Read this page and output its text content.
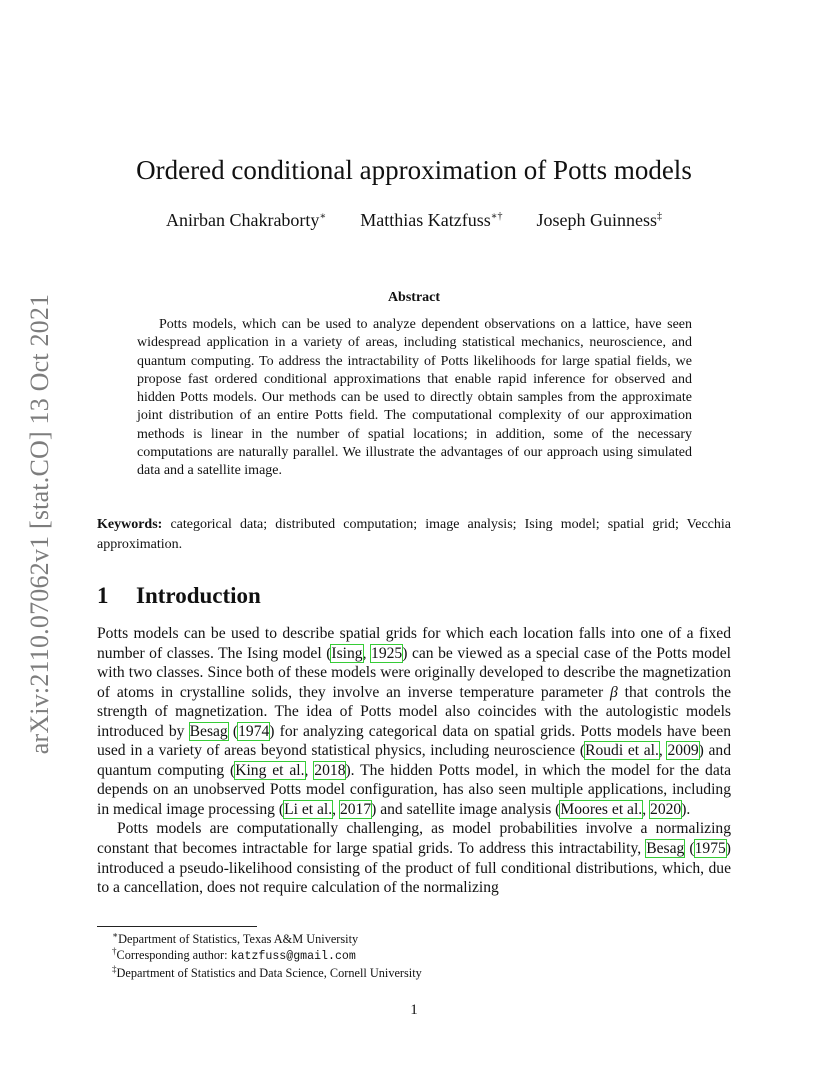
arXiv:2110.07062v1 [stat.CO] 13 Oct 2021
Ordered conditional approximation of Potts models
Anirban Chakraborty∗ Matthias Katzfuss∗† Joseph Guinness‡
Abstract

Potts models, which can be used to analyze dependent observations on a lattice, have seen widespread application in a variety of areas, including statistical mechanics, neuroscience, and quantum computing. To address the intractability of Potts likelihoods for large spatial fields, we propose fast ordered conditional approximations that enable rapid inference for observed and hidden Potts models. Our methods can be used to directly obtain samples from the approximate joint distribution of an entire Potts field. The computational complexity of our approximation methods is linear in the number of spatial locations; in addition, some of the necessary computations are naturally parallel. We illustrate the advantages of our approach using simulated data and a satellite image.

Keywords: categorical data; distributed computation; image analysis; Ising model; spatial grid; Vecchia approximation.

1 Introduction

Potts models can be used to describe spatial grids for which each location falls into one of a fixed number of classes. The Ising model (Ising, 1925) can be viewed as a special case of the Potts model with two classes. Since both of these models were originally developed to describe the magnetization of atoms in crystalline solids, they involve an inverse temperature parameter β that controls the strength of magnetization. The idea of Potts model also coincides with the autologistic models introduced by Besag (1974) for analyzing categorical data on spatial grids. Potts models have been used in a variety of areas beyond statistical physics, including neuroscience (Roudi et al., 2009) and quantum computing (King et al., 2018). The hidden Potts model, in which the model for the data depends on an unobserved Potts model configuration, has also seen multiple applications, including in medical image processing (Li et al., 2017) and satellite image analysis (Moores et al., 2020).

Potts models are computationally challenging, as model probabilities involve a normalizing constant that becomes intractable for large spatial grids. To address this intractability, Besag (1975) introduced a pseudo-likelihood consisting of the product of full conditional distributions, which, due to a cancellation, does not require calculation of the normalizing

∗Department of Statistics, Texas A&M University
†Corresponding author: katzfuss@gmail.com
‡Department of Statistics and Data Science, Cornell University
1
